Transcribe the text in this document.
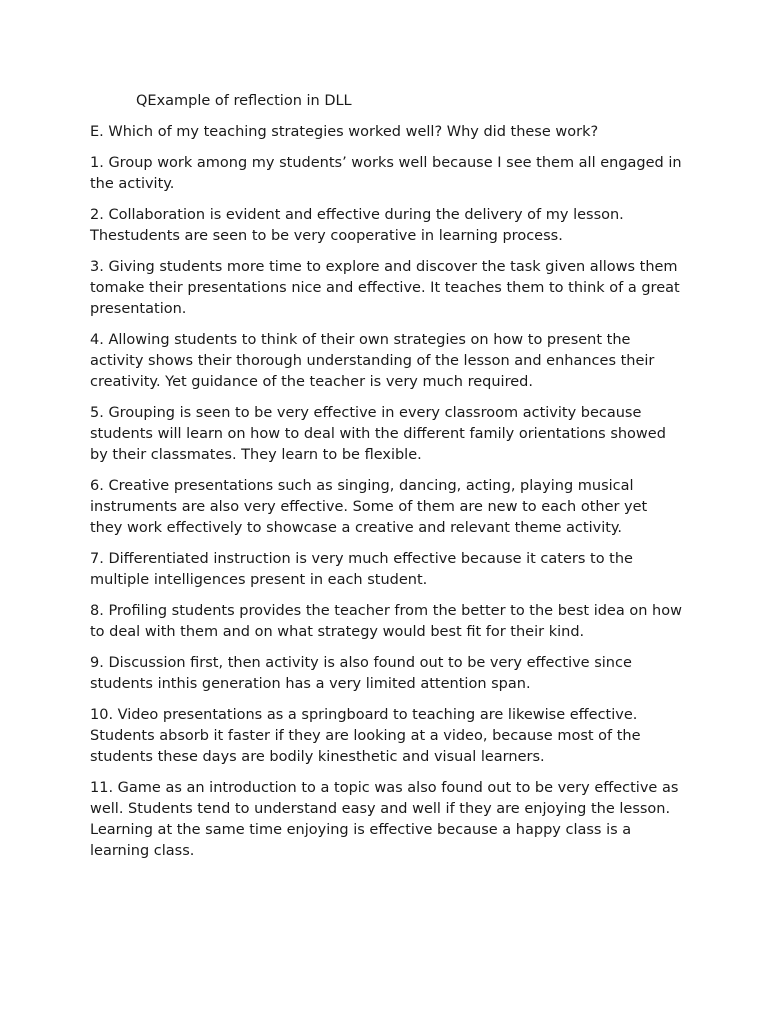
QExample of reflection in DLL

E. Which of my teaching strategies worked well? Why did these work?

1. Group work among my students’ works well because I see them all engaged in the activity.

2. Collaboration is evident and effective during the delivery of my lesson. Thestudents are seen to be very cooperative in learning process.

3. Giving students more time to explore and discover the task given allows them tomake their presentations nice and effective. It teaches them to think of a great presentation.

4. Allowing students to think of their own strategies on how to present the activity shows their thorough understanding of the lesson and enhances their creativity. Yet guidance of the teacher is very much required.

5. Grouping is seen to be very effective in every classroom activity because students will learn on how to deal with the different family orientations showed by their classmates. They learn to be flexible.

6. Creative presentations such as singing, dancing, acting, playing musical instruments are also very effective. Some of them are new to each other yet they work effectively to showcase a creative and relevant theme activity.

7. Differentiated instruction is very much effective because it caters to the multiple intelligences present in each student.

8. Profiling students provides the teacher from the better to the best idea on how to deal with them and on what strategy would best fit for their kind.

9. Discussion first, then activity is also found out to be very effective since students inthis generation has a very limited attention span.

10. Video presentations as a springboard to teaching are likewise effective. Students absorb it faster if they are looking at a video, because most of the students these days are bodily kinesthetic and visual learners.

11. Game as an introduction to a topic was also found out to be very effective as well. Students tend to understand easy and well if they are enjoying the lesson. Learning at the same time enjoying is effective because a happy class is a learning class.
